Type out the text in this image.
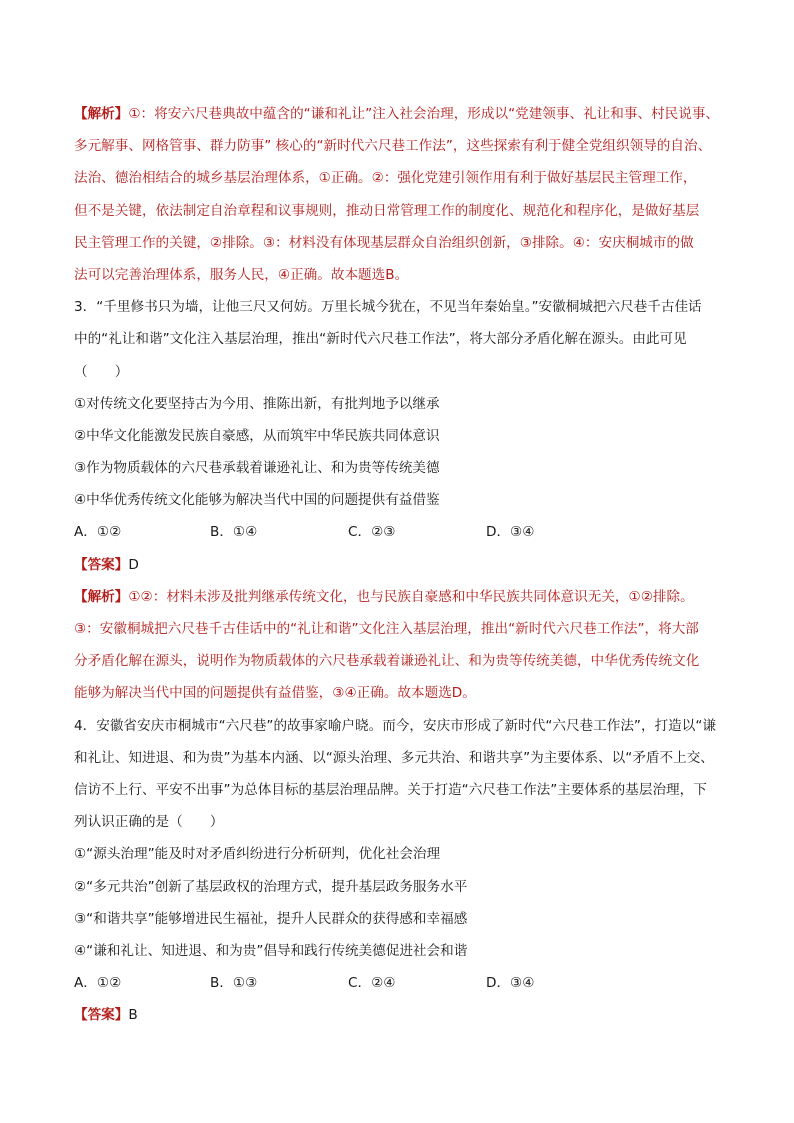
【解析】①：将安六尺巷典故中蕴含的“谦和礼让”注入社会治理，形成以“党建领事、礼让和事、村民说事、
多元解事、网格管事、群力防事” 核心的“新时代六尺巷工作法”，这些探索有利于健全党组织领导的自治、
法治、德治相结合的城乡基层治理体系，①正确。②：强化党建引领作用有利于做好基层民主管理工作，
但不是关键，依法制定自治章程和议事规则，推动日常管理工作的制度化、规范化和程序化，是做好基层
民主管理工作的关键，②排除。③：材料没有体现基层群众自治组织创新，③排除。④：安庆桐城市的做
法可以完善治理体系，服务人民，④正确。故本题选B。
3．“千里修书只为墙，让他三尺又何妨。万里长城今犹在，不见当年秦始皇。”安徽桐城把六尺巷千古佳话
中的“礼让和谐”文化注入基层治理，推出“新时代六尺巷工作法”，将大部分矛盾化解在源头。由此可见
（　　）
①对传统文化要坚持古为今用、推陈出新，有批判地予以继承
②中华文化能激发民族自豪感，从而筑牢中华民族共同体意识
③作为物质载体的六尺巷承载着谦逊礼让、和为贵等传统美德
④中华优秀传统文化能够为解决当代中国的问题提供有益借鉴
A．①②	B．①④	C．②③	D．③④
【答案】D
【解析】①②：材料未涉及批判继承传统文化，也与民族自豪感和中华民族共同体意识无关，①②排除。
③：安徽桐城把六尺巷千古佳话中的“礼让和谐”文化注入基层治理，推出“新时代六尺巷工作法”，将大部
分矛盾化解在源头，说明作为物质载体的六尺巷承载着谦逊礼让、和为贵等传统美德，中华优秀传统文化
能够为解决当代中国的问题提供有益借鉴，③④正确。故本题选D。
4．安徽省安庆市桐城市“六尺巷”的故事家喻户晓。而今，安庆市形成了新时代“六尺巷工作法”，打造以“谦
和礼让、知进退、和为贵”为基本内涵、以“源头治理、多元共治、和谐共享”为主要体系、以“矛盾不上交、
信访不上行、平安不出事”为总体目标的基层治理品牌。关于打造“六尺巷工作法”主要体系的基层治理，下
列认识正确的是（　　）
①“源头治理”能及时对矛盾纠纷进行分析研判，优化社会治理
②“多元共治”创新了基层政权的治理方式，提升基层政务服务水平
③“和谐共享”能够增进民生福祉，提升人民群众的获得感和幸福感
④“谦和礼让、知进退、和为贵”倡导和践行传统美德促进社会和谐
A．①②	B．①③	C．②④	D．③④
【答案】B
